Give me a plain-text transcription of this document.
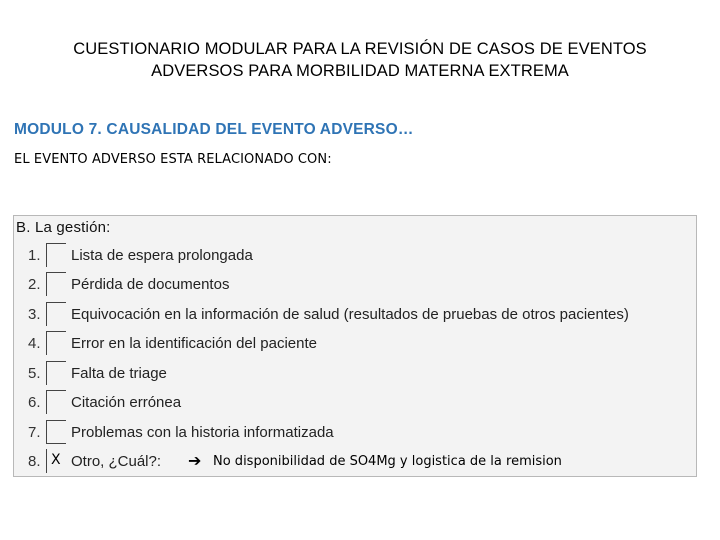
CUESTIONARIO MODULAR PARA LA REVISIÓN DE CASOS DE EVENTOS
ADVERSOS PARA MORBILIDAD MATERNA EXTREMA
MODULO 7. CAUSALIDAD DEL EVENTO ADVERSO…
EL EVENTO ADVERSO ESTA RELACIONADO CON:
B. La gestión:
1. Lista de espera prolongada
2. Pérdida de documentos
3. Equivocación en la información de salud (resultados de pruebas de otros pacientes)
4. Error en la identificación del paciente
5. Falta de triage
6. Citación errónea
7. Problemas con la historia informatizada
8. X Otro, ¿Cuál?: ➔ No disponibilidad de SO4Mg y logistica de la remision
